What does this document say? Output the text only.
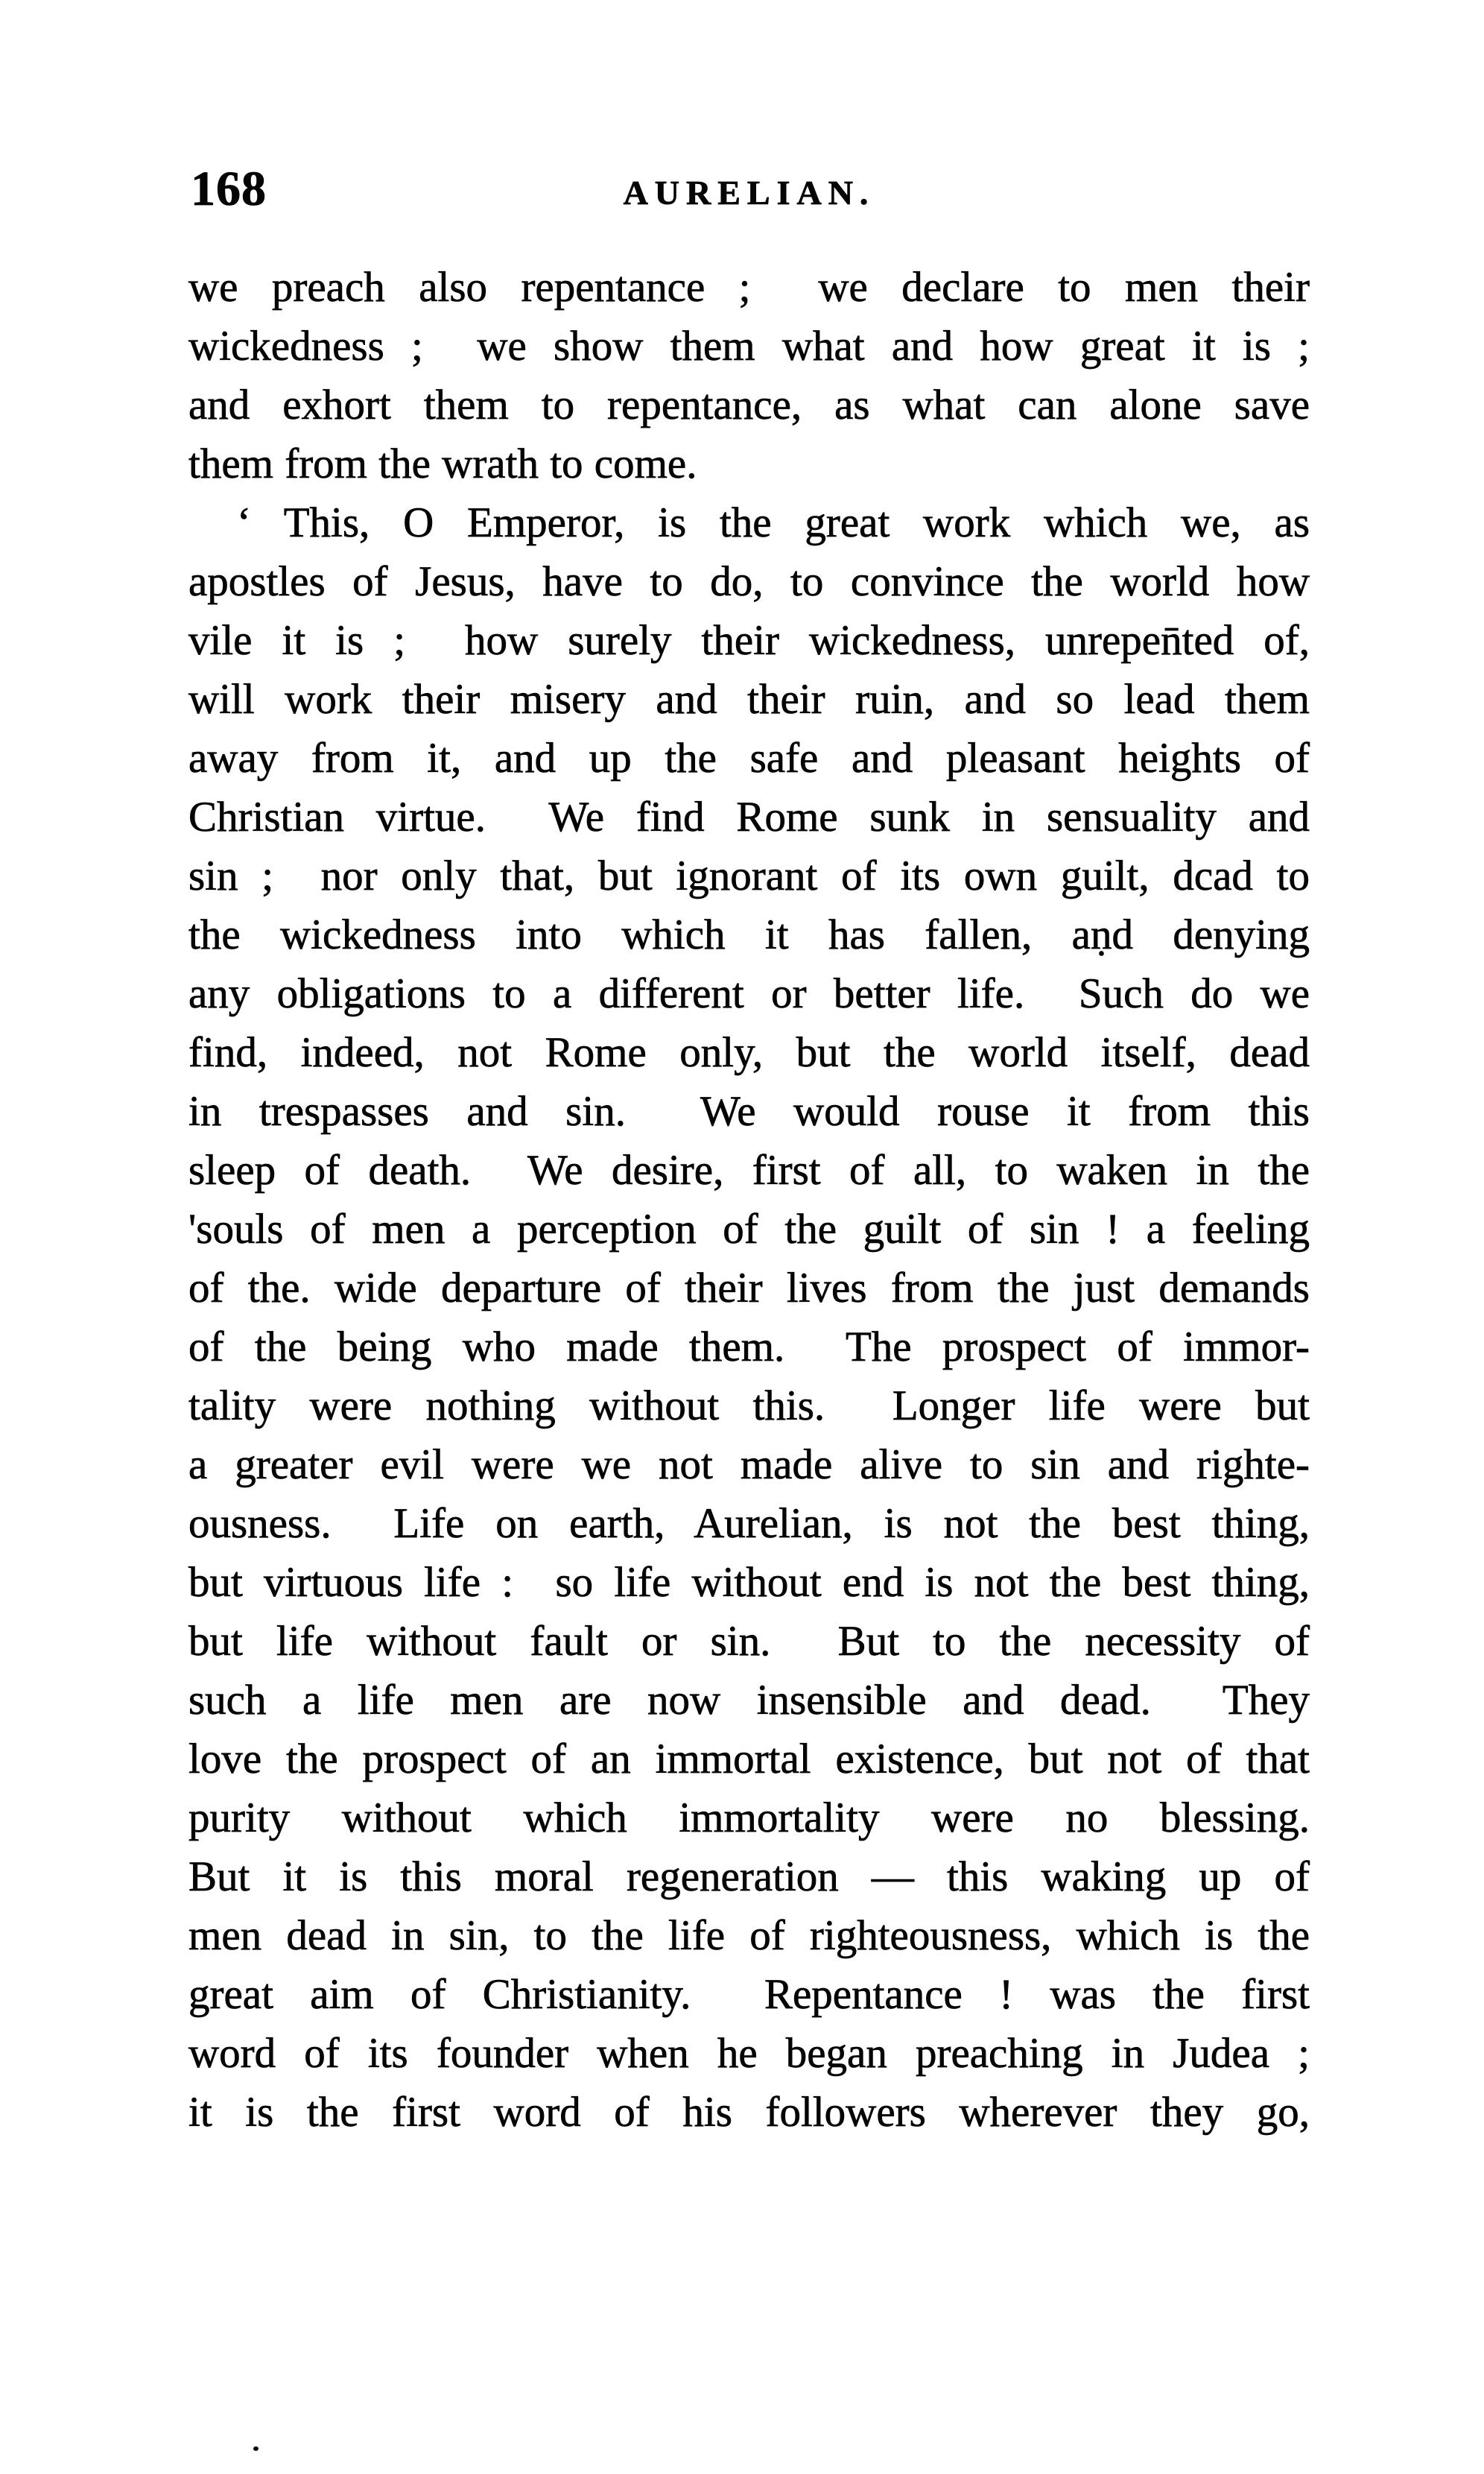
168	AURELIAN.
we preach also repentance ;  we declare to men their
wickedness ;  we show them what and how great it is ;
and exhort them to repentance, as what can alone save
them from the wrath to come.
‘ This, O Emperor, is the great work which we, as
apostles of Jesus, have to do, to convince the world how
vile it is ;  how surely their wickedness, unrepen̄ted of,
will work their misery and their ruin, and so lead them
away from it, and up the safe and pleasant heights of
Christian virtue.  We find Rome sunk in sensuality and
sin ;  nor only that, but ignorant of its own guilt, dcad to
the wickedness into which it has fallen, aṇd denying
any obligations to a different or better life.  Such do we
find, indeed, not Rome only, but the world itself, dead
in trespasses and sin.  We would rouse it from this
sleep of death.  We desire, first of all, to waken in the
'souls of men a perception of the guilt of sin ! a feeling
of the. wide departure of their lives from the just demands
of the being who made them.  The prospect of immor-
tality were nothing without this.  Longer life were but
a greater evil were we not made alive to sin and righte-
ousness.  Life on earth, Aurelian, is not the best thing,
but virtuous life :  so life without end is not the best thing,
but life without fault or sin.  But to the necessity of
such a life men are now insensible and dead.  They
love the prospect of an immortal existence, but not of that
purity without which immortality were no blessing.
But it is this moral regeneration — this waking up of
men dead in sin, to the life of righteousness, which is the
great aim of Christianity.  Repentance ! was the first
word of its founder when he began preaching in Judea ;
it is the first word of his followers wherever they go,
